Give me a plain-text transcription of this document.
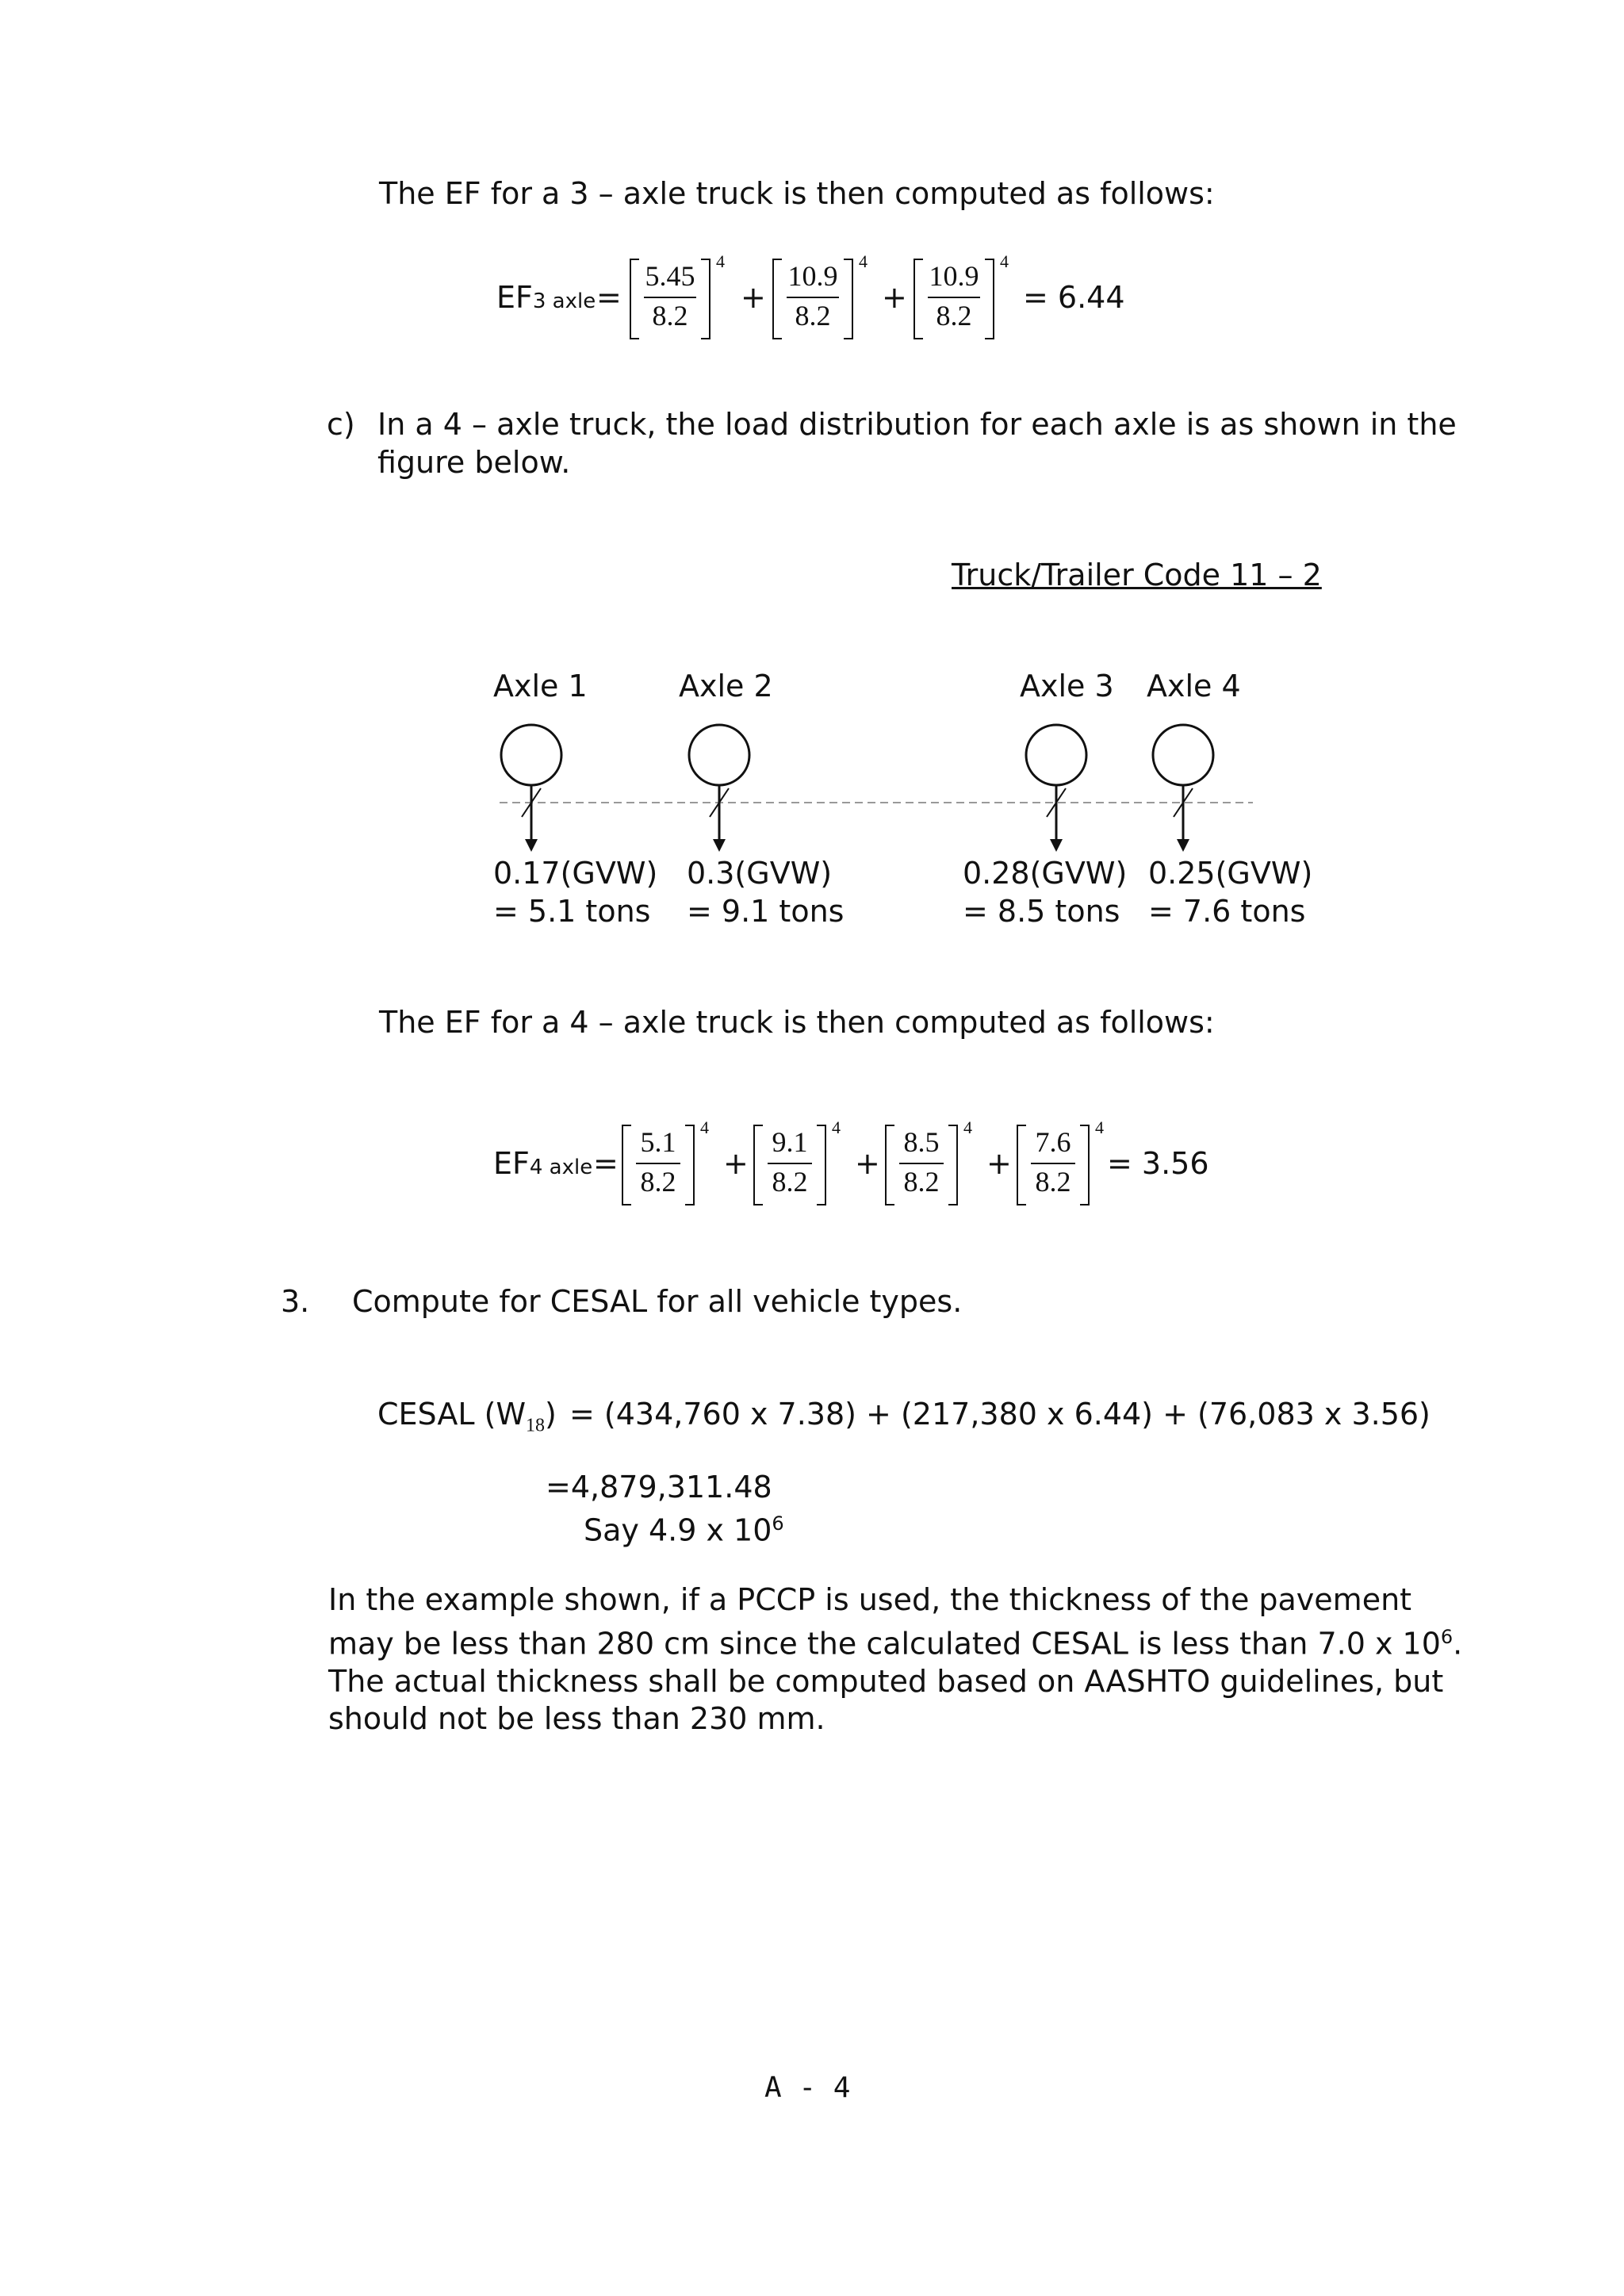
The EF for a 3 – axle truck is then computed as follows:
EF3 axle =
5.45
8.2
4
+
10.9
8.2
4
+
10.9
8.2
4
= 6.44
c) In a 4 – axle truck, the load distribution for each axle is as shown in the
figure below.
Truck/Trailer Code 11 – 2
Axle 1	Axle 2	Axle 3 Axle 4
0.17(GVW)
= 5.1 tons
0.3(GVW)
= 9.1 tons
0.28(GVW)
= 8.5 tons
0.25(GVW)
= 7.6 tons
The EF for a 4 – axle truck is then computed as follows:
EF4 axle =
5.1
8.2
4
+
9.1
8.2
4
+
8.5
8.2
4
+
7.6
8.2
4
= 3.56
3. Compute for CESAL for all vehicle types.
CESAL $(W_{18}) = (434,760$ x 7.38) + (217,380 x 6.44) + (76,083 x 3.56)
=4,879,311.48
Say 4.9 x $10^6$
In the example shown, if a PCCP is used, the thickness of the pavement
may be less than 280 cm since the calculated CESAL is less than 7.0 x $10^6$.
The actual thickness shall be computed based on AASHTO guidelines, but
should not be less than 230 mm.
A - 4
